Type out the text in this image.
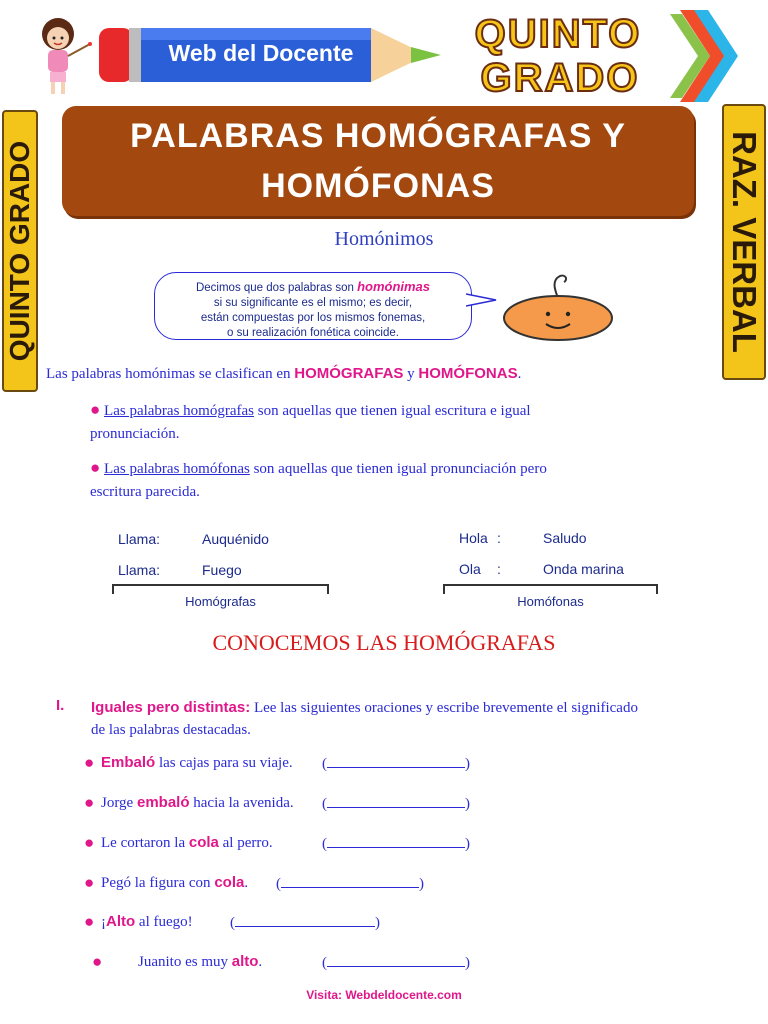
Web del Docente	QUINTO
GRADO
QUINTO GRADO	RAZ. VERBAL
PALABRAS HOMÓGRAFAS Y
HOMÓFONAS
Homónimos
Decimos que dos palabras son homónimas
si su significante es el mismo; es decir,
están compuestas por los mismos fonemas,
o su realización fonética coincide.
Las palabras homónimas se clasifican en HOMÓGRAFAS y HOMÓFONAS.
● Las palabras homógrafas son aquellas que tienen igual escritura e igual
pronunciación.
● Las palabras homófonas son aquellas que tienen igual pronunciación pero
escritura parecida.
Llama:	Auquénido
Llama:	Fuego
Homógrafas
Hola :	Saludo
Ola :	Onda marina
Homófonas
CONOCEMOS LAS HOMÓGRAFAS
I. Iguales pero distintas: Lee las siguientes oraciones y escribe brevemente el significado
de las palabras destacadas.
● Embaló las cajas para su viaje. (	)
● Jorge embaló hacia la avenida. (	)
● Le cortaron la cola al perro.	(	)
● Pegó la figura con cola. (	)
● ¡Alto al fuego! (	)
● Juanito es muy alto.	(	)
Visita: Webdeldocente.com
